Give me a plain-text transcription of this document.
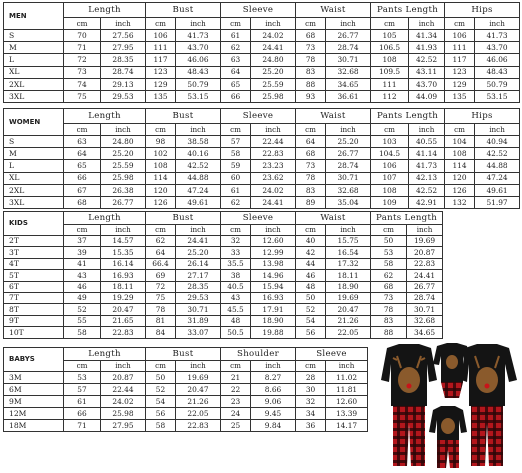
MEN	Length		Bust		Sleeve		Waist		Pants Length		Hips	
	cm	inch	cm	inch	cm	inch	cm	inch	cm	inch	cm	inch
S	70	27.56	106	41.73	61	24.02	68	26.77	105	41.34	106	41.73
M	71	27.95	111	43.70	62	24.41	73	28.74	106.5	41.93	111	43.70
L	72	28.35	117	46.06	63	24.80	78	30.71	108	42.52	117	46.06
XL	73	28.74	123	48.43	64	25.20	83	32.68	109.5	43.11	123	48.43
2XL	74	29.13	129	50.79	65	25.59	88	34.65	111	43.70	129	50.79
3XL	75	29.53	135	53.15	66	25.98	93	36.61	112	44.09	135	53.15
WOMEN	Length		Bust		Sleeve		Waist		Pants Length		Hips	
	cm	inch	cm	inch	cm	inch	cm	inch	cm	inch	cm	inch
S	63	24.80	98	38.58	57	22.44	64	25.20	103	40.55	104	40.94
M	64	25.20	102	40.16	58	22.83	68	26.77	104.5	41.14	108	42.52
L	65	25.59	108	42.52	59	23.23	73	28.74	106	41.73	114	44.88
XL	66	25.98	114	44.88	60	23.62	78	30.71	107	42.13	120	47.24
2XL	67	26.38	120	47.24	61	24.02	83	32.68	108	42.52	126	49.61
3XL	68	26.77	126	49.61	62	24.41	89	35.04	109	42.91	132	51.97
KIDS	Length		Bust		Sleeve		Waist		Pants Length	
	cm	inch	cm	inch	cm	inch	cm	inch	cm	inch
2T	37	14.57	62	24.41	32	12.60	40	15.75	50	19.69
3T	39	15.35	64	25.20	33	12.99	42	16.54	53	20.87
4T	41	16.14	66.4	26.14	35.5	13.98	44	17.32	58	22.83
5T	43	16.93	69	27.17	38	14.96	46	18.11	62	24.41
6T	46	18.11	72	28.35	40.5	15.94	48	18.90	68	26.77
7T	49	19.29	75	29.53	43	16.93	50	19.69	73	28.74
8T	52	20.47	78	30.71	45.5	17.91	52	20.47	78	30.71
9T	55	21.65	81	31.89	48	18.90	54	21.26	83	32.68
10T	58	22.83	84	33.07	50.5	19.88	56	22.05	88	34.65
BABYS	Length		Bust		Shoulder		Sleeve	
	cm	inch	cm	inch	cm	inch	cm	inch
3M	53	20.87	50	19.69	21	8.27	28	11.02
6M	57	22.44	52	20.47	22	8.66	30	11.81
9M	61	24.02	54	21.26	23	9.06	32	12.60
12M	66	25.98	56	22.05	24	9.45	34	13.39
18M	71	27.95	58	22.83	25	9.84	36	14.17
